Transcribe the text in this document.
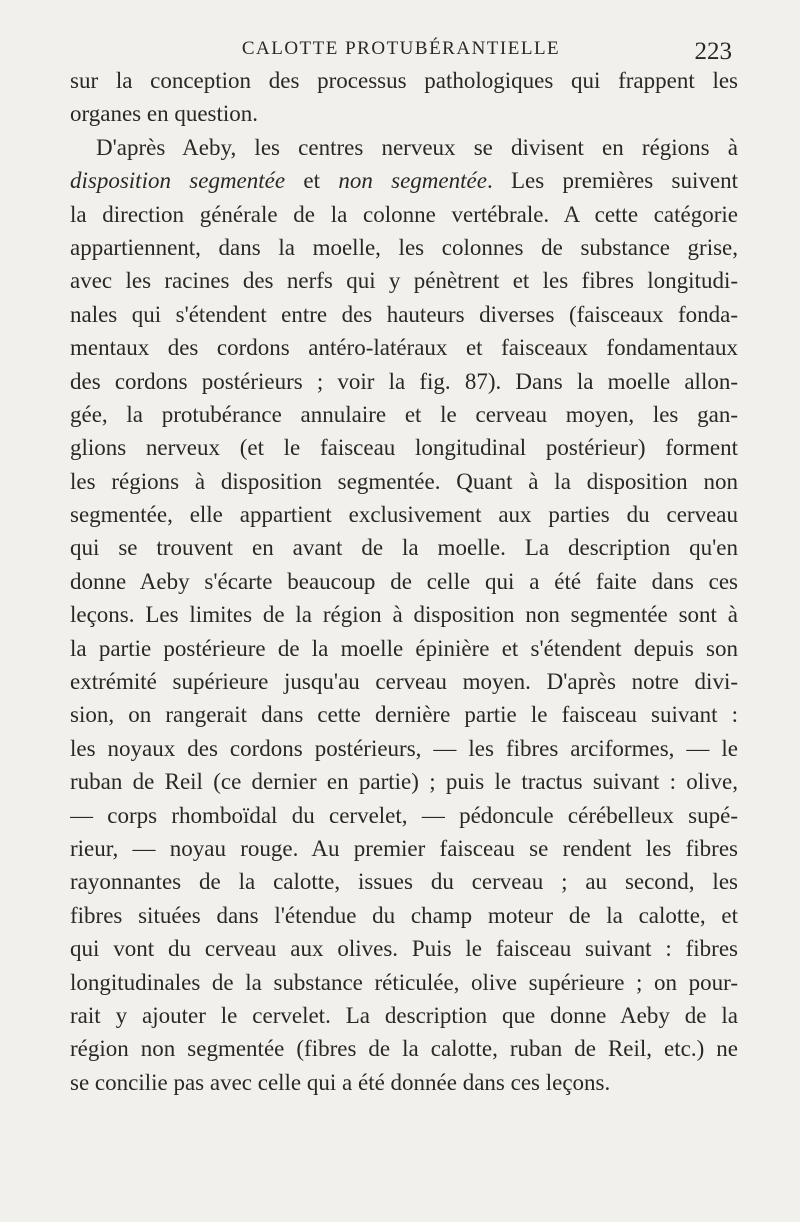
CALOTTE PROTUBÉRANTIELLE	223
sur la conception des processus pathologiques qui frappent les
organes en question.
D'après Aeby, les centres nerveux se divisent en régions à
disposition segmentée et non segmentée. Les premières suivent
la direction générale de la colonne vertébrale. A cette catégorie
appartiennent, dans la moelle, les colonnes de substance grise,
avec les racines des nerfs qui y pénètrent et les fibres longitudi-
nales qui s'étendent entre des hauteurs diverses (faisceaux fonda-
mentaux des cordons antéro-latéraux et faisceaux fondamentaux
des cordons postérieurs ; voir la fig. 87). Dans la moelle allon-
gée, la protubérance annulaire et le cerveau moyen, les gan-
glions nerveux (et le faisceau longitudinal postérieur) forment
les régions à disposition segmentée. Quant à la disposition non
segmentée, elle appartient exclusivement aux parties du cerveau
qui se trouvent en avant de la moelle. La description qu'en
donne Aeby s'écarte beaucoup de celle qui a été faite dans ces
leçons. Les limites de la région à disposition non segmentée sont à
la partie postérieure de la moelle épinière et s'étendent depuis son
extrémité supérieure jusqu'au cerveau moyen. D'après notre divi-
sion, on rangerait dans cette dernière partie le faisceau suivant :
les noyaux des cordons postérieurs, — les fibres arciformes, — le
ruban de Reil (ce dernier en partie) ; puis le tractus suivant : olive,
— corps rhomboïdal du cervelet, — pédoncule cérébelleux supé-
rieur, — noyau rouge. Au premier faisceau se rendent les fibres
rayonnantes de la calotte, issues du cerveau ; au second, les
fibres situées dans l'étendue du champ moteur de la calotte, et
qui vont du cerveau aux olives. Puis le faisceau suivant : fibres
longitudinales de la substance réticulée, olive supérieure ; on pour-
rait y ajouter le cervelet. La description que donne Aeby de la
région non segmentée (fibres de la calotte, ruban de Reil, etc.) ne
se concilie pas avec celle qui a été donnée dans ces leçons.
